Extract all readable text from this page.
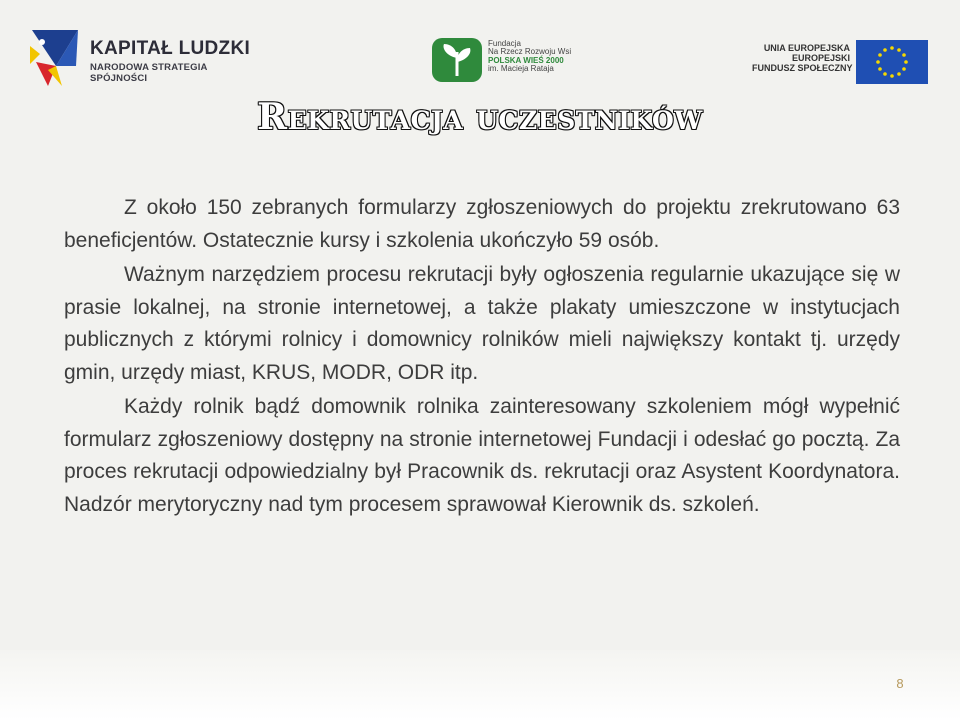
KAPITAŁ LUDZKI
NARODOWA STRATEGIA SPÓJNOŚCI
Fundacja
Na Rzecz Rozwoju Wsi
POLSKA WIEŚ 2000
im. Macieja Rataja
UNIA EUROPEJSKA
EUROPEJSKI
FUNDUSZ SPOŁECZNY
Rekrutacja uczestników

Z około 150 zebranych formularzy zgłoszeniowych do projektu zrekrutowano 63 beneficjentów. Ostatecznie kursy i szkolenia ukończyło 59 osób.

Ważnym narzędziem procesu rekrutacji były ogłoszenia regularnie ukazujące się w prasie lokalnej, na stronie internetowej, a także plakaty umieszczone w instytucjach publicznych z którymi rolnicy i domownicy rolników mieli największy kontakt tj. urzędy gmin, urzędy miast, KRUS, MODR, ODR itp.

Każdy rolnik bądź domownik rolnika zainteresowany szkoleniem mógł wypełnić formularz zgłoszeniowy dostępny na stronie internetowej Fundacji i odesłać go pocztą. Za proces rekrutacji odpowiedzialny był Pracownik ds. rekrutacji oraz Asystent Koordynatora. Nadzór merytoryczny nad tym procesem sprawował Kierownik ds. szkoleń.

8
